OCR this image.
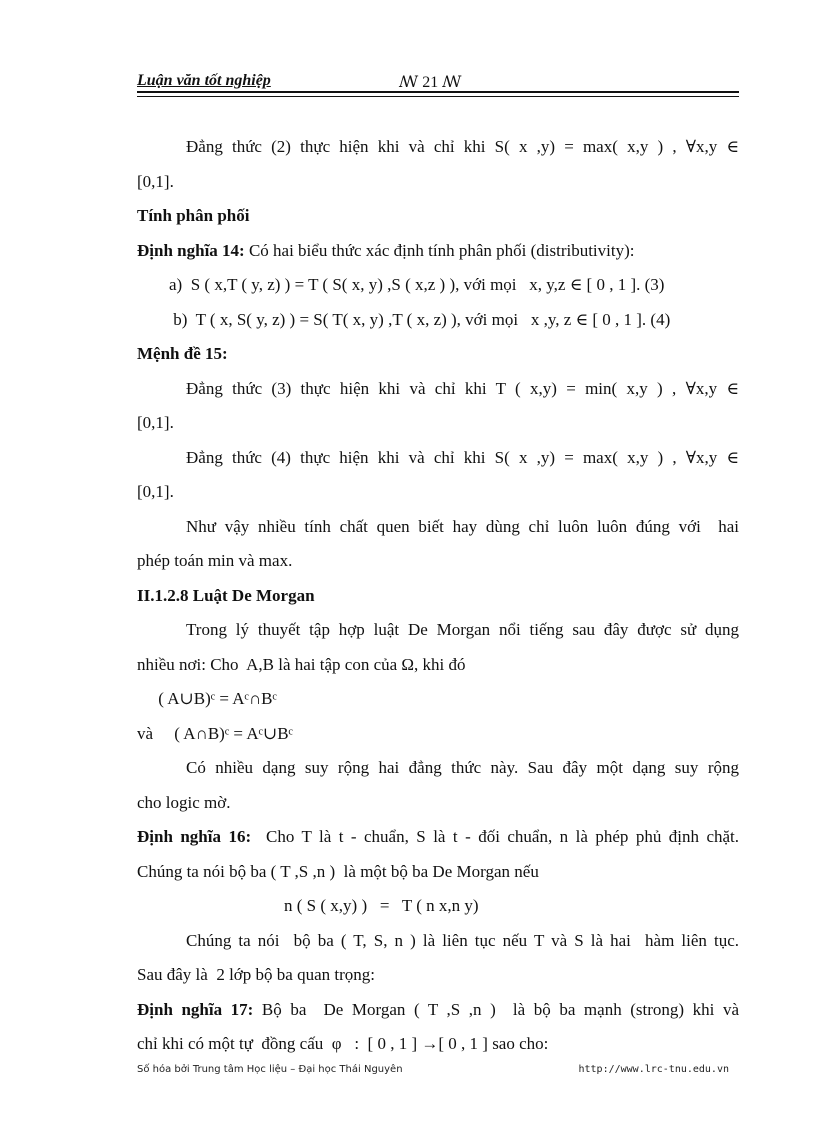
Luận văn tốt nghiệp	ꟿ 21 ꟿ
Đẳng thức (2) thực hiện khi và chỉ khi S( x ,y) = max( x,y ) , ∀x,y ∈
[0,1].
Tính phân phối
Định nghĩa 14: Có hai biểu thức xác định tính phân phối (distributivity):
a)  S ( x,T ( y, z) ) = T ( S( x, y) ,S ( x,z ) ), với mọi   x, y,z ∈ [ 0 , 1 ]. (3)
b)  T ( x, S( y, z) ) = S( T( x, y) ,T ( x, z) ), với mọi   x ,y, z ∈ [ 0 , 1 ]. (4)
Mệnh đề 15:
Đẳng thức (3) thực hiện khi và chỉ khi T ( x,y) = min( x,y ) , ∀x,y ∈
[0,1].
Đẳng thức (4) thực hiện khi và chỉ khi S( x ,y) = max( x,y ) , ∀x,y ∈
[0,1].
Như vậy nhiều tính chất quen biết hay dùng chỉ luôn luôn đúng với  hai
phép toán min và max.
II.1.2.8 Luật De Morgan
Trong lý thuyết tập hợp luật De Morgan nổi tiếng sau đây được sử dụng
nhiều nơi: Cho  A,B là hai tập con của Ω, khi đó
( A∪B)ᶜ = Aᶜ∩Bᶜ
và     ( A∩B)ᶜ = Aᶜ∪Bᶜ
Có nhiều dạng suy rộng hai đẳng thức này. Sau đây một dạng suy rộng
cho logic mờ.
Định nghĩa 16:  Cho T là t - chuẩn, S là t - đối chuẩn, n là phép phủ định chặt.
Chúng ta nói bộ ba ( T ,S ,n )  là một bộ ba De Morgan nếu
n ( S ( x,y) )   =   T ( n x,n y)
Chúng ta nói  bộ ba ( T, S, n ) là liên tục nếu T và S là hai  hàm liên tục.
Sau đây là  2 lớp bộ ba quan trọng:
Định nghĩa 17: Bộ ba  De Morgan ( T ,S ,n )  là bộ ba mạnh (strong) khi và
chỉ khi có một tự  đồng cấu  φ   :  [ 0 , 1 ] →[ 0 , 1 ] sao cho:
Số hóa bởi Trung tâm Học liệu – Đại học Thái Nguyên	http://www.lrc-tnu.edu.vn
